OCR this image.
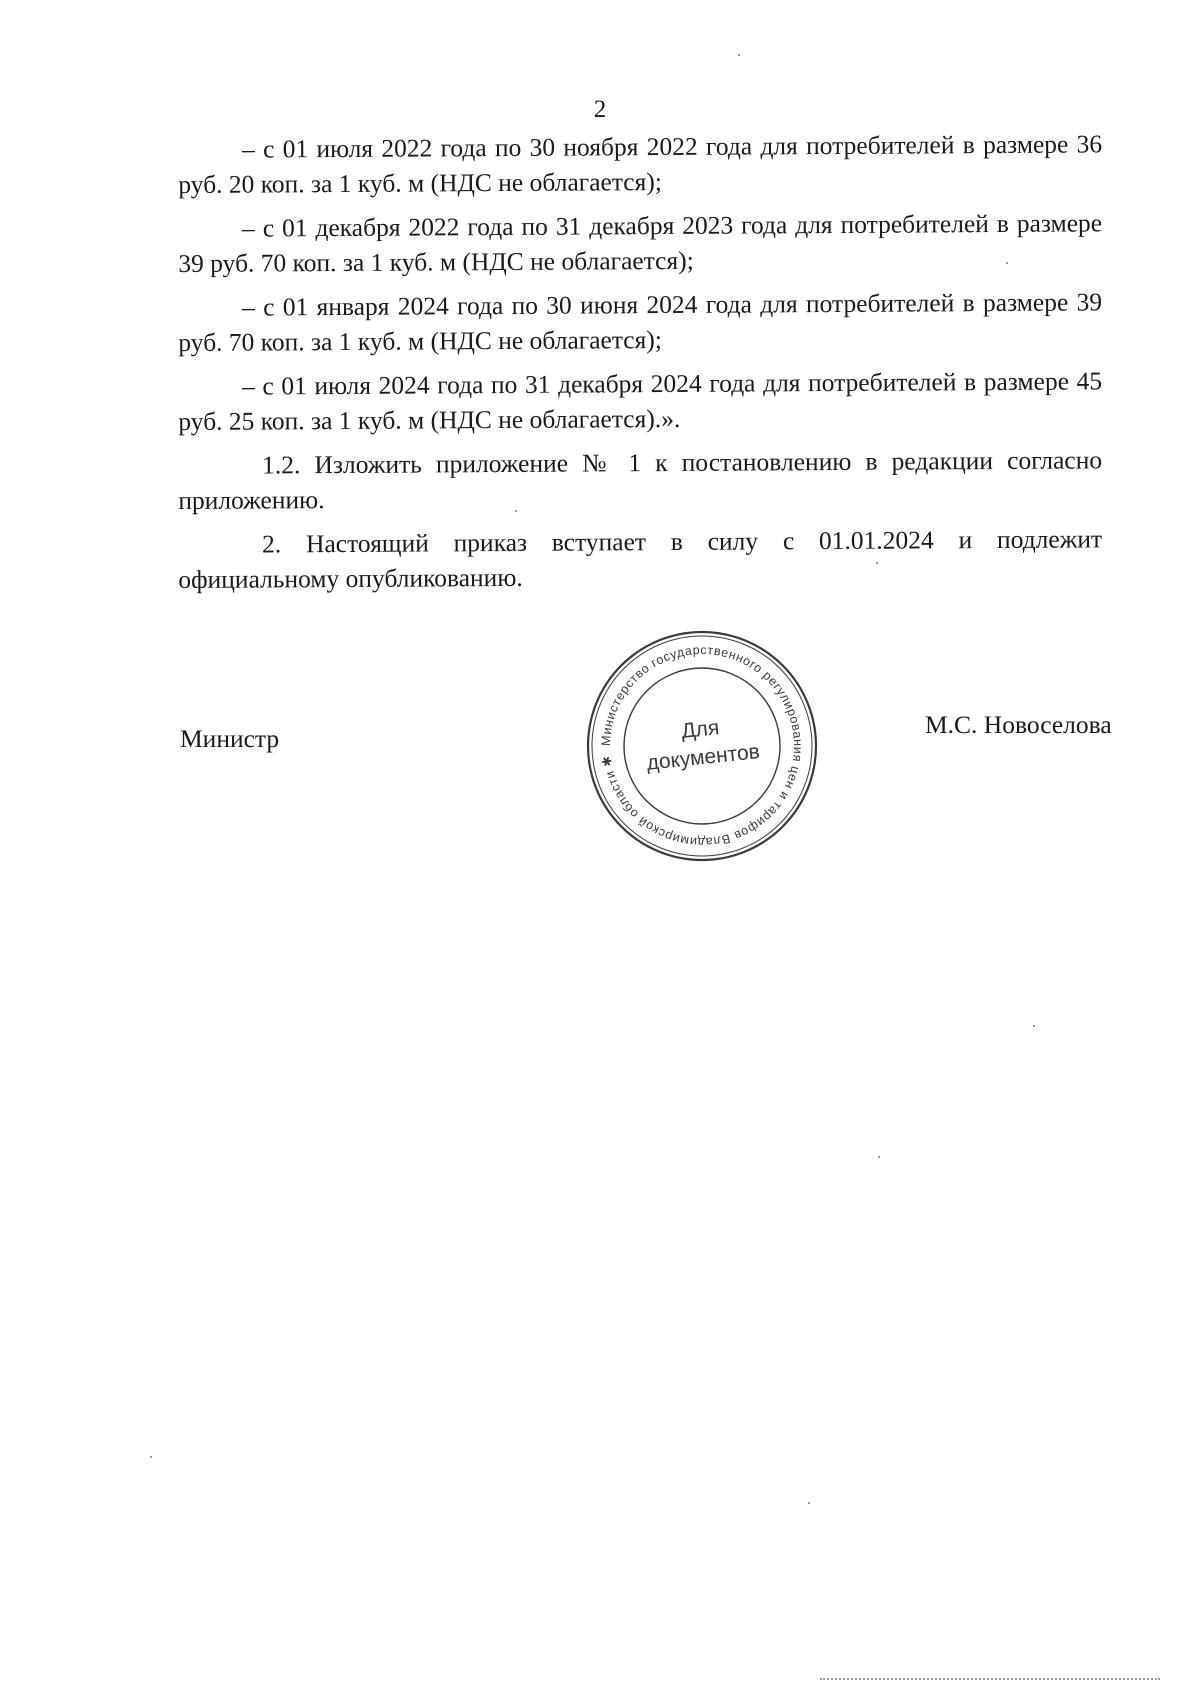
2

– с 01 июля 2022 года по 30 ноября 2022 года для потребителей в размере 36 руб. 20 коп. за 1 куб. м (НДС не облагается);

– с 01 декабря 2022 года по 31 декабря 2023 года для потребителей в размере 39 руб. 70 коп. за 1 куб. м (НДС не облагается);

– с 01 января 2024 года по 30 июня 2024 года для потребителей в размере 39 руб. 70 коп. за 1 куб. м (НДС не облагается);

– с 01 июля 2024 года по 31 декабря 2024 года для потребителей в размере 45 руб. 25 коп. за 1 куб. м (НДС не облагается).».

1.2. Изложить приложение № 1 к постановлению в редакции согласно приложению.

2. Настоящий приказ вступает в силу с 01.01.2024 и подлежит официальному опубликованию.

Министр	М.С. Новоселова
Министерство государственного регулирования цен и тарифов Владимирской области ✱
Для
документов
